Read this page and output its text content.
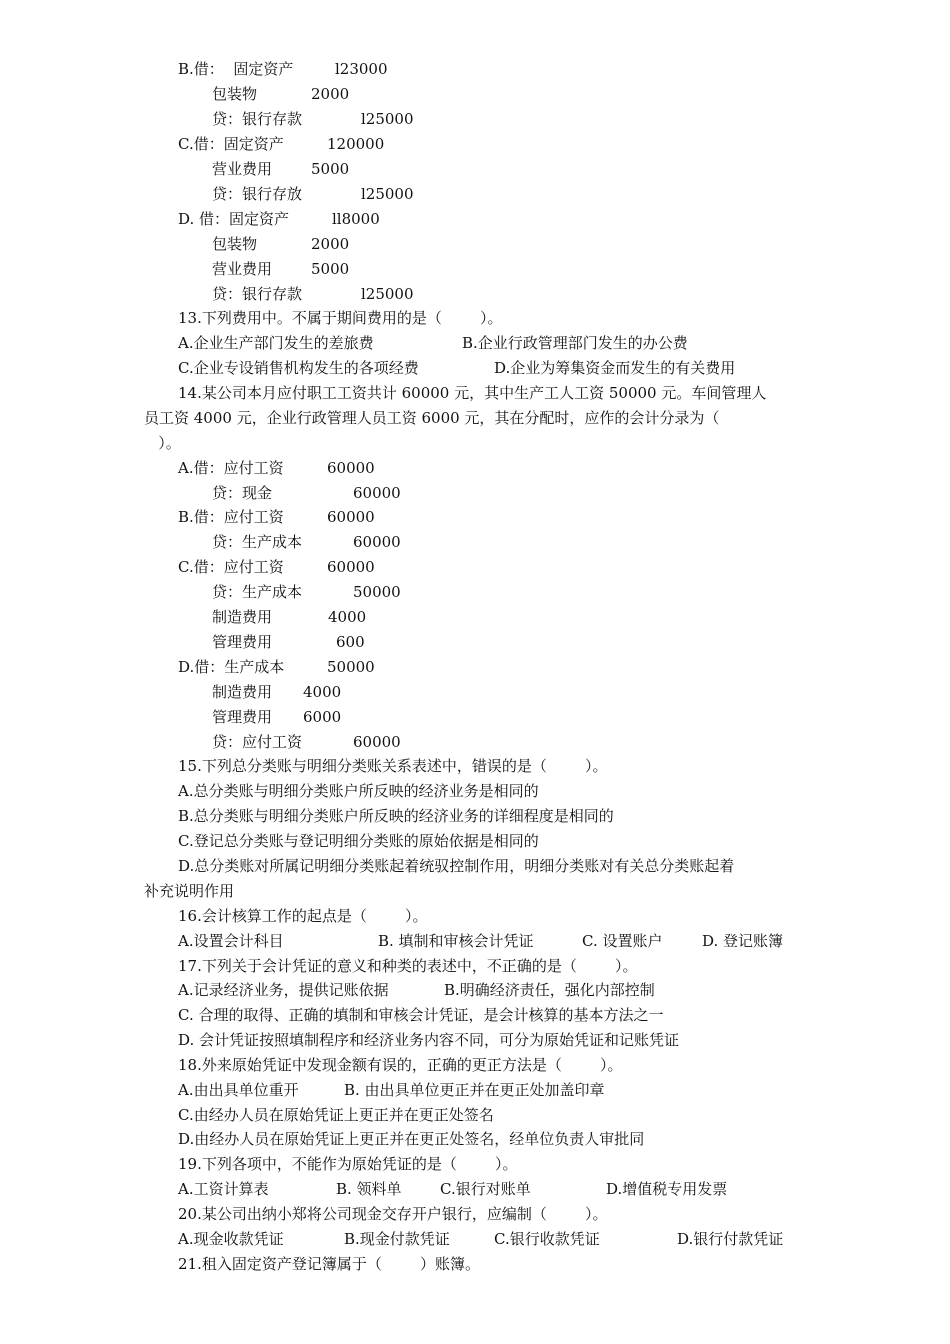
B.借：  固定资产	l23000
包装物	2000
贷：银行存款	l25000
C.借：固定资产	120000
营业费用	5000
贷：银行存放	l25000
D. 借：固定资产	ll8000
包装物	2000
营业费用	5000
贷：银行存款	l25000
13.下列费用中。不属于期间费用的是（        ）。
A.企业生产部门发生的差旅费	B.企业行政管理部门发生的办公费
C.企业专设销售机构发生的各项经费	D.企业为筹集资金而发生的有关费用
14.某公司本月应付职工工资共计 60000 元，其中生产工人工资 50000 元。车间管理人
员工资 4000 元，企业行政管理人员工资 6000 元，其在分配时，应作的会计分录为（
）。
A.借：应付工资	60000
贷：现金	60000
B.借：应付工资	60000
贷：生产成本	60000
C.借：应付工资	60000
贷：生产成本	50000
制造费用	4000
管理费用	600
D.借：生产成本	50000
制造费用 4000
管理费用 6000
贷：应付工资	60000
15.下列总分类账与明细分类账关系表述中，错误的是（        ）。
A.总分类账与明细分类账户所反映的经济业务是相同的
B.总分类账与明细分类账户所反映的经济业务的详细程度是相同的
C.登记总分类账与登记明细分类账的原始依据是相同的
D.总分类账对所属记明细分类账起着统驭控制作用，明细分类账对有关总分类账起着
补充说明作用
16.会计核算工作的起点是（        ）。
A.设置会计科目	B. 填制和审核会计凭证	C. 设置账户	D. 登记账簿
17.下列关于会计凭证的意义和种类的表述中，不正确的是（        ）。
A.记录经济业务，提供记账依据	B.明确经济责任，强化内部控制
C. 合理的取得、正确的填制和审核会计凭证，是会计核算的基本方法之一
D. 会计凭证按照填制程序和经济业务内容不同，可分为原始凭证和记账凭证
18.外来原始凭证中发现金额有误的，正确的更正方法是（        ）。
A.由出具单位重开	B. 由出具单位更正并在更正处加盖印章
C.由经办人员在原始凭证上更正并在更正处签名
D.由经办人员在原始凭证上更正并在更正处签名，经单位负责人审批同
19.下列各项中，不能作为原始凭证的是（        ）。
A.工资计算表	B. 领料单	C.银行对账单	D.增值税专用发票
20.某公司出纳小郑将公司现金交存开户银行，应编制（        ）。
A.现金收款凭证	B.现金付款凭证	C.银行收款凭证	D.银行付款凭证
21.租入固定资产登记簿属于（        ）账簿。
